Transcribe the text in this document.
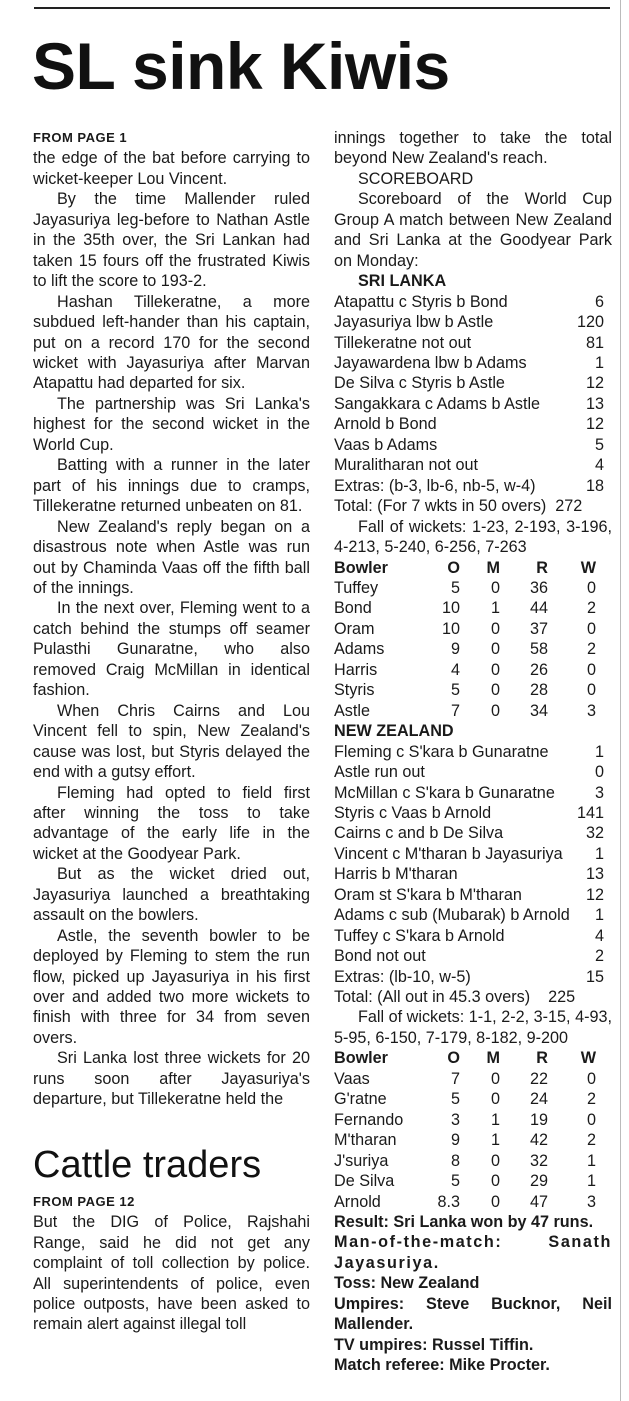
SL sink Kiwis
FROM PAGE 1

the edge of the bat before carrying to wicket-keeper Lou Vincent.

By the time Mallender ruled Jayasuriya leg-before to Nathan Astle in the 35th over, the Sri Lankan had taken 15 fours off the frustrated Kiwis to lift the score to 193-2.

Hashan Tillekeratne, a more subdued left-hander than his captain, put on a record 170 for the second wicket with Jayasuriya after Marvan Atapattu had departed for six.

The partnership was Sri Lanka's highest for the second wicket in the World Cup.

Batting with a runner in the later part of his innings due to cramps, Tillekeratne returned unbeaten on 81.

New Zealand's reply began on a disastrous note when Astle was run out by Chaminda Vaas off the fifth ball of the innings.

In the next over, Fleming went to a catch behind the stumps off seamer Pulasthi Gunaratne, who also removed Craig McMillan in identical fashion.

When Chris Cairns and Lou Vincent fell to spin, New Zealand's cause was lost, but Styris delayed the end with a gutsy effort.

Fleming had opted to field first after winning the toss to take advantage of the early life in the wicket at the Goodyear Park.

But as the wicket dried out, Jayasuriya launched a breathtaking assault on the bowlers.

Astle, the seventh bowler to be deployed by Fleming to stem the run flow, picked up Jayasuriya in his first over and added two more wickets to finish with three for 34 from seven overs.

Sri Lanka lost three wickets for 20 runs soon after Jayasuriya's departure, but Tillekeratne held the

Cattle traders
FROM PAGE 12

But the DIG of Police, Rajshahi Range, said he did not get any complaint of toll collection by police. All superintendents of police, even police outposts, have been asked to remain alert against illegal toll

innings together to take the total beyond New Zealand's reach.

SCOREBOARD

Scoreboard of the World Cup Group A match between New Zealand and Sri Lanka at the Goodyear Park on Monday:

SRI LANKA

Atapattu c Styris b Bond	6
Jayasuriya lbw b Astle	120
Tillekeratne not out	81
Jayawardena lbw b Adams	1
De Silva c Styris b Astle	12
Sangakkara c Adams b Astle	13
Arnold b Bond	12
Vaas b Adams	5
Muralitharan not out	4
Extras: (b-3, lb-6, nb-5, w-4)	18

Total: (For 7 wkts in 50 overs)  272

Fall of wickets: 1-23, 2-193, 3-196, 4-213, 5-240, 6-256, 7-263

Bowler	O	M	R	W
Tuffey	5	0	36	0
Bond	10	1	44	2
Oram	10	0	37	0
Adams	9	0	58	2
Harris	4	0	26	0
Styris	5	0	28	0
Astle	7	0	34	3

NEW ZEALAND

Fleming c S'kara b Gunaratne	1
Astle run out	0
McMillan c S'kara b Gunaratne	3
Styris c Vaas b Arnold	141
Cairns c and b De Silva	32
Vincent c M'tharan b Jayasuriya	1
Harris b M'tharan	13
Oram st S'kara b M'tharan	12
Adams c sub (Mubarak) b Arnold	1
Tuffey c S'kara b Arnold	4
Bond not out	2
Extras: (lb-10, w-5)	15

Total: (All out in 45.3 overs)    225

Fall of wickets: 1-1, 2-2, 3-15, 4-93, 5-95, 6-150, 7-179, 8-182, 9-200

Bowler	O	M	R	W
Vaas	7	0	22	0
G'ratne	5	0	24	2
Fernando	3	1	19	0
M'tharan	9	1	42	2
J'suriya	8	0	32	1
De Silva	5	0	29	1
Arnold	8.3	0	47	3

Result: Sri Lanka won by 47 runs.

Man-of-the-match: Sanath Jayasuriya.

Toss: New Zealand

Umpires: Steve Bucknor, Neil Mallender.

TV umpires: Russel Tiffin.

Match referee: Mike Procter.
